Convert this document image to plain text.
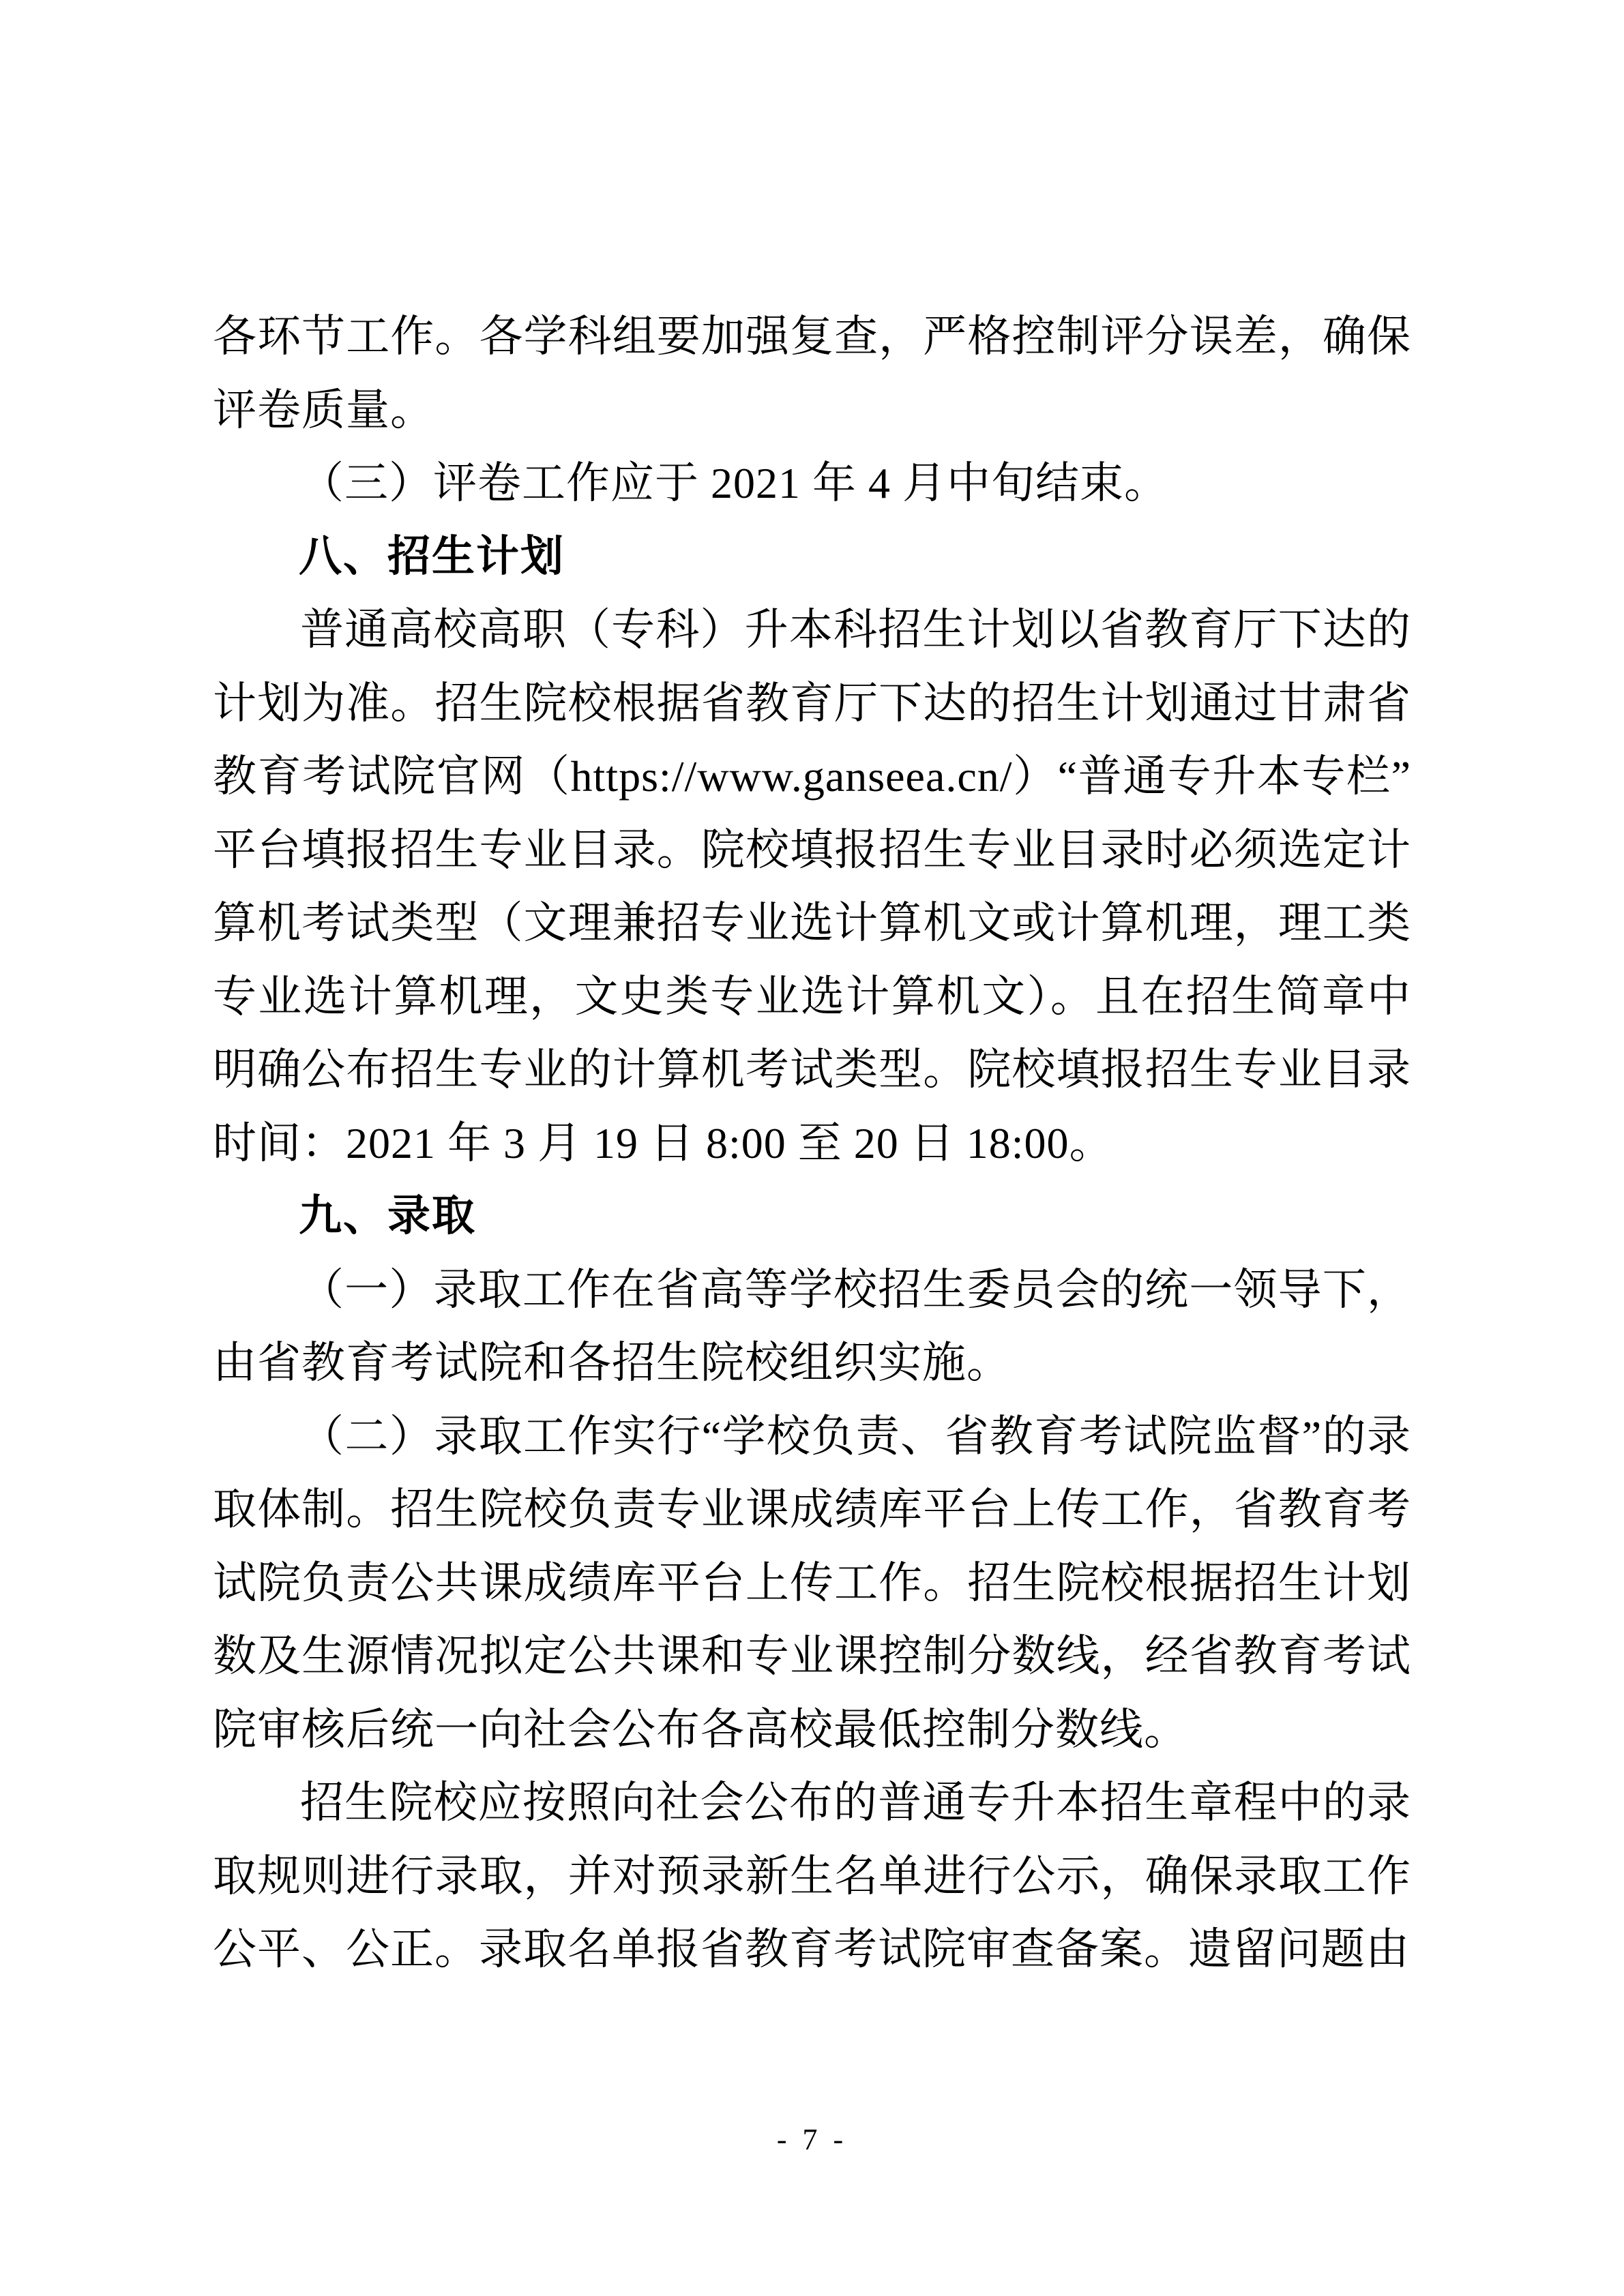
各环节工作。各学科组要加强复查，严格控制评分误差，确保评卷质量。

（三）评卷工作应于 2021 年 4 月中旬结束。

八、招生计划

普通高校高职（专科）升本科招生计划以省教育厅下达的计划为准。招生院校根据省教育厅下达的招生计划通过甘肃省教育考试院官网（https://www.ganseea.cn/）“普通专升本专栏”平台填报招生专业目录。院校填报招生专业目录时必须选定计算机考试类型（文理兼招专业选计算机文或计算机理，理工类专业选计算机理，文史类专业选计算机文）。且在招生简章中明确公布招生专业的计算机考试类型。院校填报招生专业目录时间：2021 年 3 月 19 日 8:00 至 20 日 18:00。

九、录取

（一）录取工作在省高等学校招生委员会的统一领导下，由省教育考试院和各招生院校组织实施。

（二）录取工作实行“学校负责、省教育考试院监督”的录取体制。招生院校负责专业课成绩库平台上传工作，省教育考试院负责公共课成绩库平台上传工作。招生院校根据招生计划数及生源情况拟定公共课和专业课控制分数线，经省教育考试院审核后统一向社会公布各高校最低控制分数线。

招生院校应按照向社会公布的普通专升本招生章程中的录取规则进行录取，并对预录新生名单进行公示，确保录取工作公平、公正。录取名单报省教育考试院审查备案。遗留问题由

- 7 -
